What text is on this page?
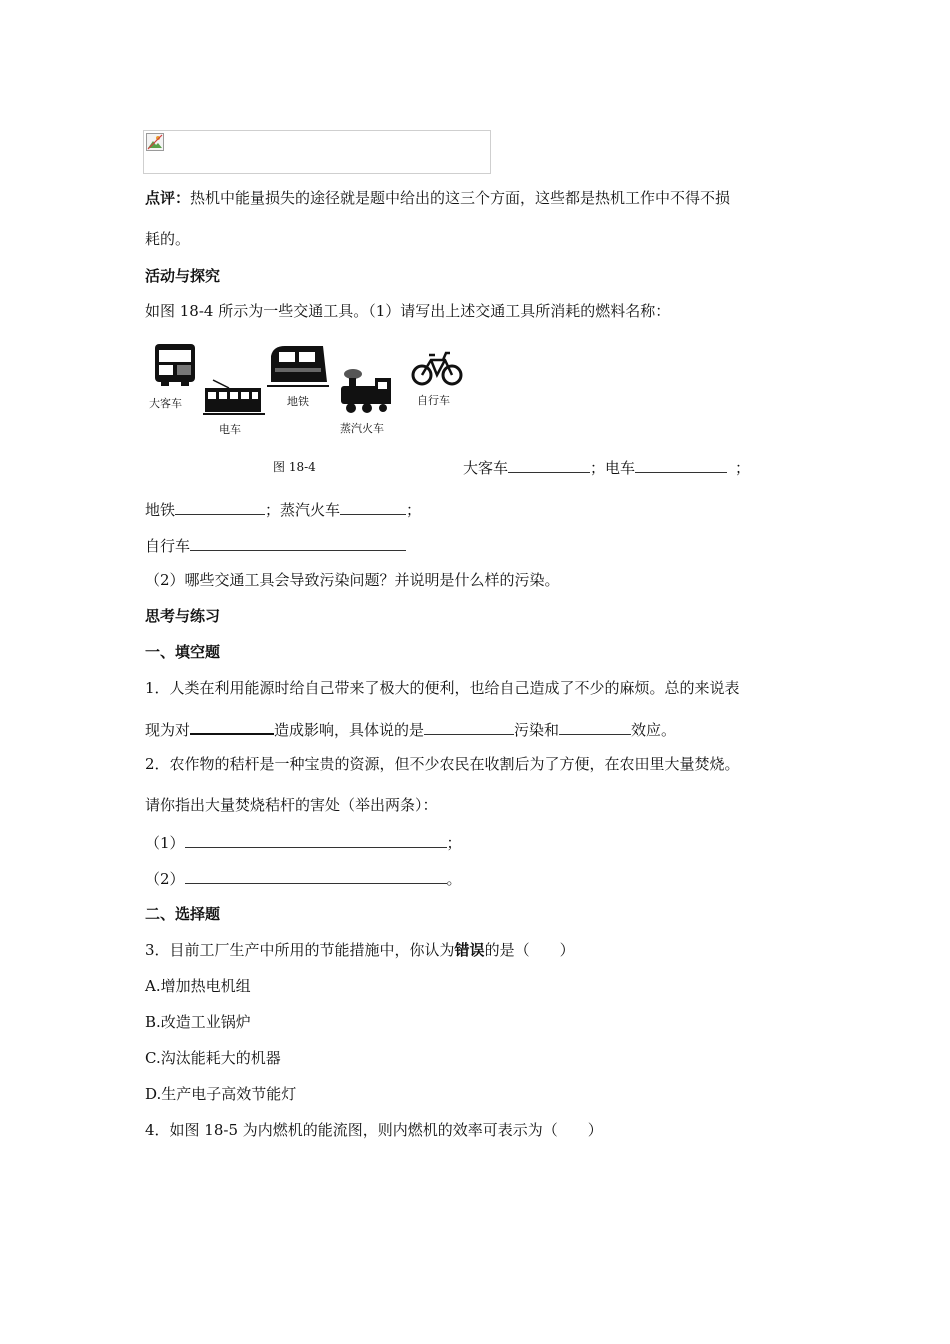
点评：热机中能量损失的途径就是题中给出的这三个方面，这些都是热机工作中不得不损
耗的。
活动与探究
如图 18-4 所示为一些交通工具。（1）请写出上述交通工具所消耗的燃料名称：
大客车
电车
地铁
蒸汽火车
自行车
图 18-4	大客车	；电车	；
地铁	；蒸汽火车	；
自行车
（2）哪些交通工具会导致污染问题？并说明是什么样的污染。
思考与练习
一、填空题
1．人类在利用能源时给自己带来了极大的便利，也给自己造成了不少的麻烦。总的来说表
现为对	造成影响，具体说的是	污染和	效应。
2．农作物的秸杆是一种宝贵的资源，但不少农民在收割后为了方便，在农田里大量焚烧。
请你指出大量焚烧秸杆的害处（举出两条）：
（1）	；
（2）	。
二、选择题
3．目前工厂生产中所用的节能措施中，你认为错误的是（　　）
A.增加热电机组
B.改造工业锅炉
C.沟汰能耗大的机器
D.生产电子高效节能灯
4．如图 18-5 为内燃机的能流图，则内燃机的效率可表示为（　　）
